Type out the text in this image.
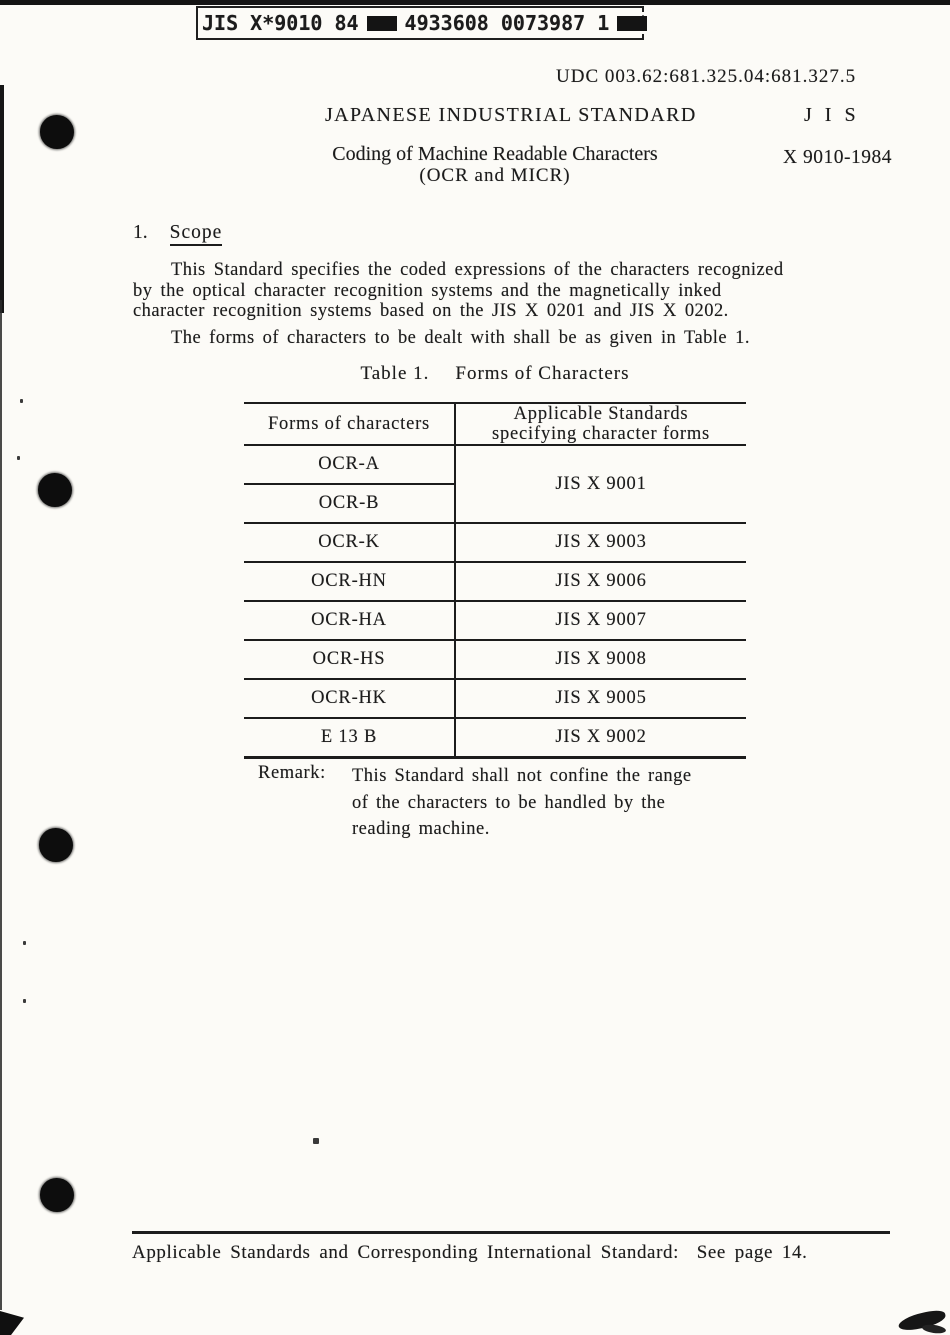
JIS X*9010 84 4933608 0073987 1
UDC 003.62:681.325.04:681.327.5
JAPANESE INDUSTRIAL STANDARD	J I S
Coding of Machine Readable Characters
(OCR and MICR)
X 9010-1984
1. Scope
This Standard specifies the coded expressions of the characters recognized
by the optical character recognition systems and the magnetically inked
character recognition systems based on the JIS X 0201 and JIS X 0202.
The forms of characters to be dealt with shall be as given in Table 1.
Table 1. Forms of Characters
Forms of characters	Applicable Standards
specifying character forms

OCR-A	JIS X 9001
OCR-B	
OCR-K	JIS X 9003
OCR-HN	JIS X 9006
OCR-HA	JIS X 9007
OCR-HS	JIS X 9008
OCR-HK	JIS X 9005
E 13 B	JIS X 9002
Remark: This Standard shall not confine the range
of the characters to be handled by the
reading machine.
Applicable Standards and Corresponding International Standard:  See page 14.
